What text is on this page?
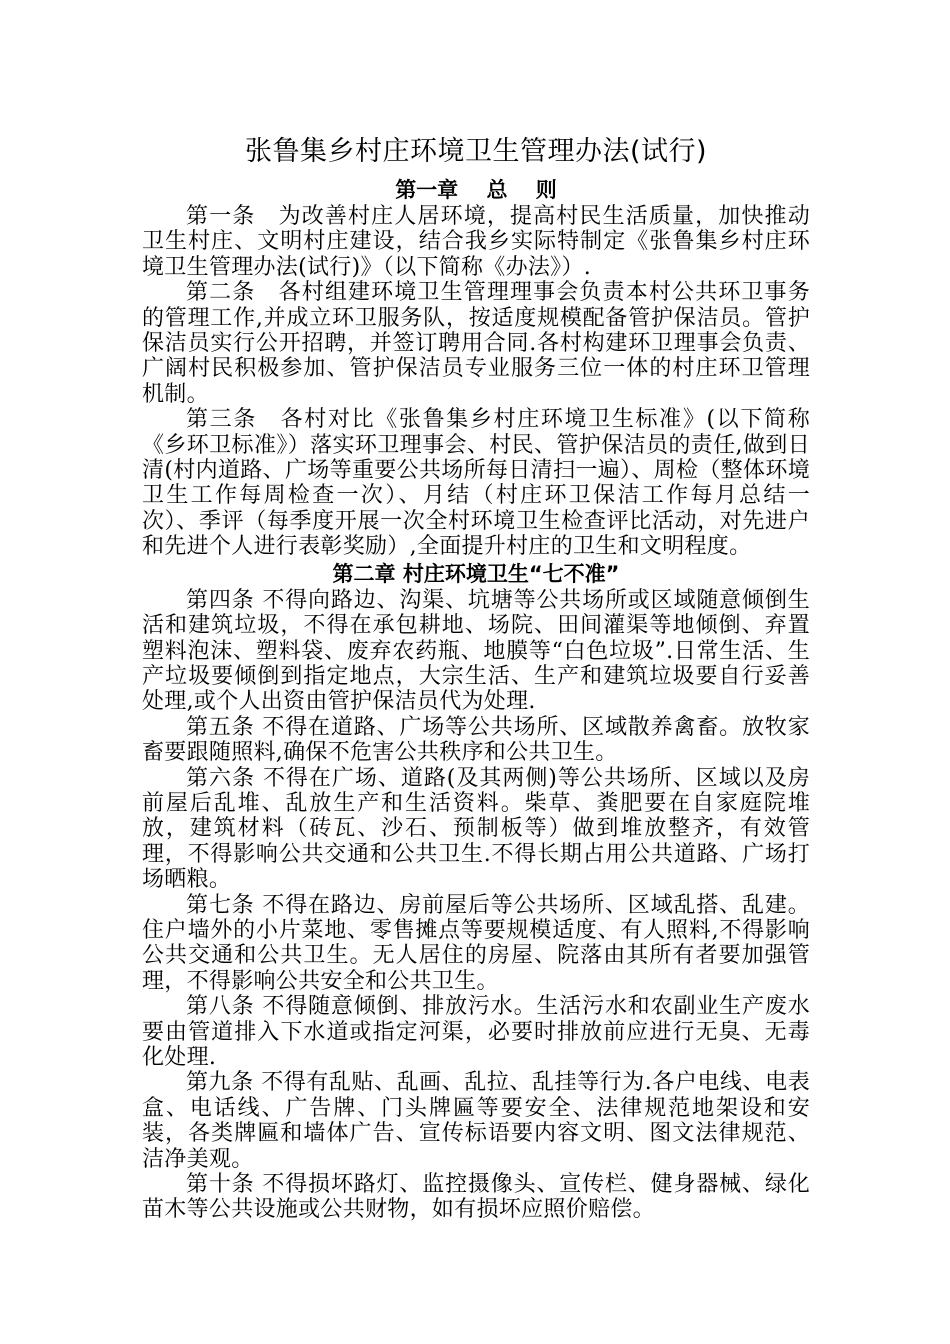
张鲁集乡村庄环境卫生管理办法(试行)
第一章　 总　 则

第一条　为改善村庄人居环境，提高村民生活质量，加快推动卫生村庄、文明村庄建设，结合我乡实际特制定《张鲁集乡村庄环境卫生管理办法(试行)》（以下简称《办法》）.

第二条　各村组建环境卫生管理理事会负责本村公共环卫事务的管理工作,并成立环卫服务队，按适度规模配备管护保洁员。管护保洁员实行公开招聘，并签订聘用合同.各村构建环卫理事会负责、广阔村民积极参加、管护保洁员专业服务三位一体的村庄环卫管理机制。

第三条　各村对比《张鲁集乡村庄环境卫生标准》(以下简称《乡环卫标准》）落实环卫理事会、村民、管护保洁员的责任,做到日清(村内道路、广场等重要公共场所每日清扫一遍）、周检（整体环境卫生工作每周检查一次）、月结（村庄环卫保洁工作每月总结一次）、季评（每季度开展一次全村环境卫生检查评比活动，对先进户和先进个人进行表彰奖励）,全面提升村庄的卫生和文明程度。

第二章 村庄环境卫生“七不准”

第四条 不得向路边、沟渠、坑塘等公共场所或区域随意倾倒生活和建筑垃圾，不得在承包耕地、场院、田间灌渠等地倾倒、弃置塑料泡沫、塑料袋、废弃农药瓶、地膜等“白色垃圾”.日常生活、生产垃圾要倾倒到指定地点，大宗生活、生产和建筑垃圾要自行妥善处理,或个人出资由管护保洁员代为处理.

第五条 不得在道路、广场等公共场所、区域散养禽畜。放牧家畜要跟随照料,确保不危害公共秩序和公共卫生。

第六条 不得在广场、道路(及其两侧)等公共场所、区域以及房前屋后乱堆、乱放生产和生活资料。柴草、粪肥要在自家庭院堆放，建筑材料（砖瓦、沙石、预制板等）做到堆放整齐，有效管理，不得影响公共交通和公共卫生.不得长期占用公共道路、广场打场晒粮。

第七条 不得在路边、房前屋后等公共场所、区域乱搭、乱建。住户墙外的小片菜地、零售摊点等要规模适度、有人照料,不得影响公共交通和公共卫生。无人居住的房屋、院落由其所有者要加强管理，不得影响公共安全和公共卫生。

第八条 不得随意倾倒、排放污水。生活污水和农副业生产废水要由管道排入下水道或指定河渠，必要时排放前应进行无臭、无毒化处理.

第九条 不得有乱贴、乱画、乱拉、乱挂等行为.各户电线、电表盒、电话线、广告牌、门头牌匾等要安全、法律规范地架设和安装，各类牌匾和墙体广告、宣传标语要内容文明、图文法律规范、洁净美观。

第十条 不得损坏路灯、监控摄像头、宣传栏、健身器械、绿化苗木等公共设施或公共财物，如有损坏应照价赔偿。
